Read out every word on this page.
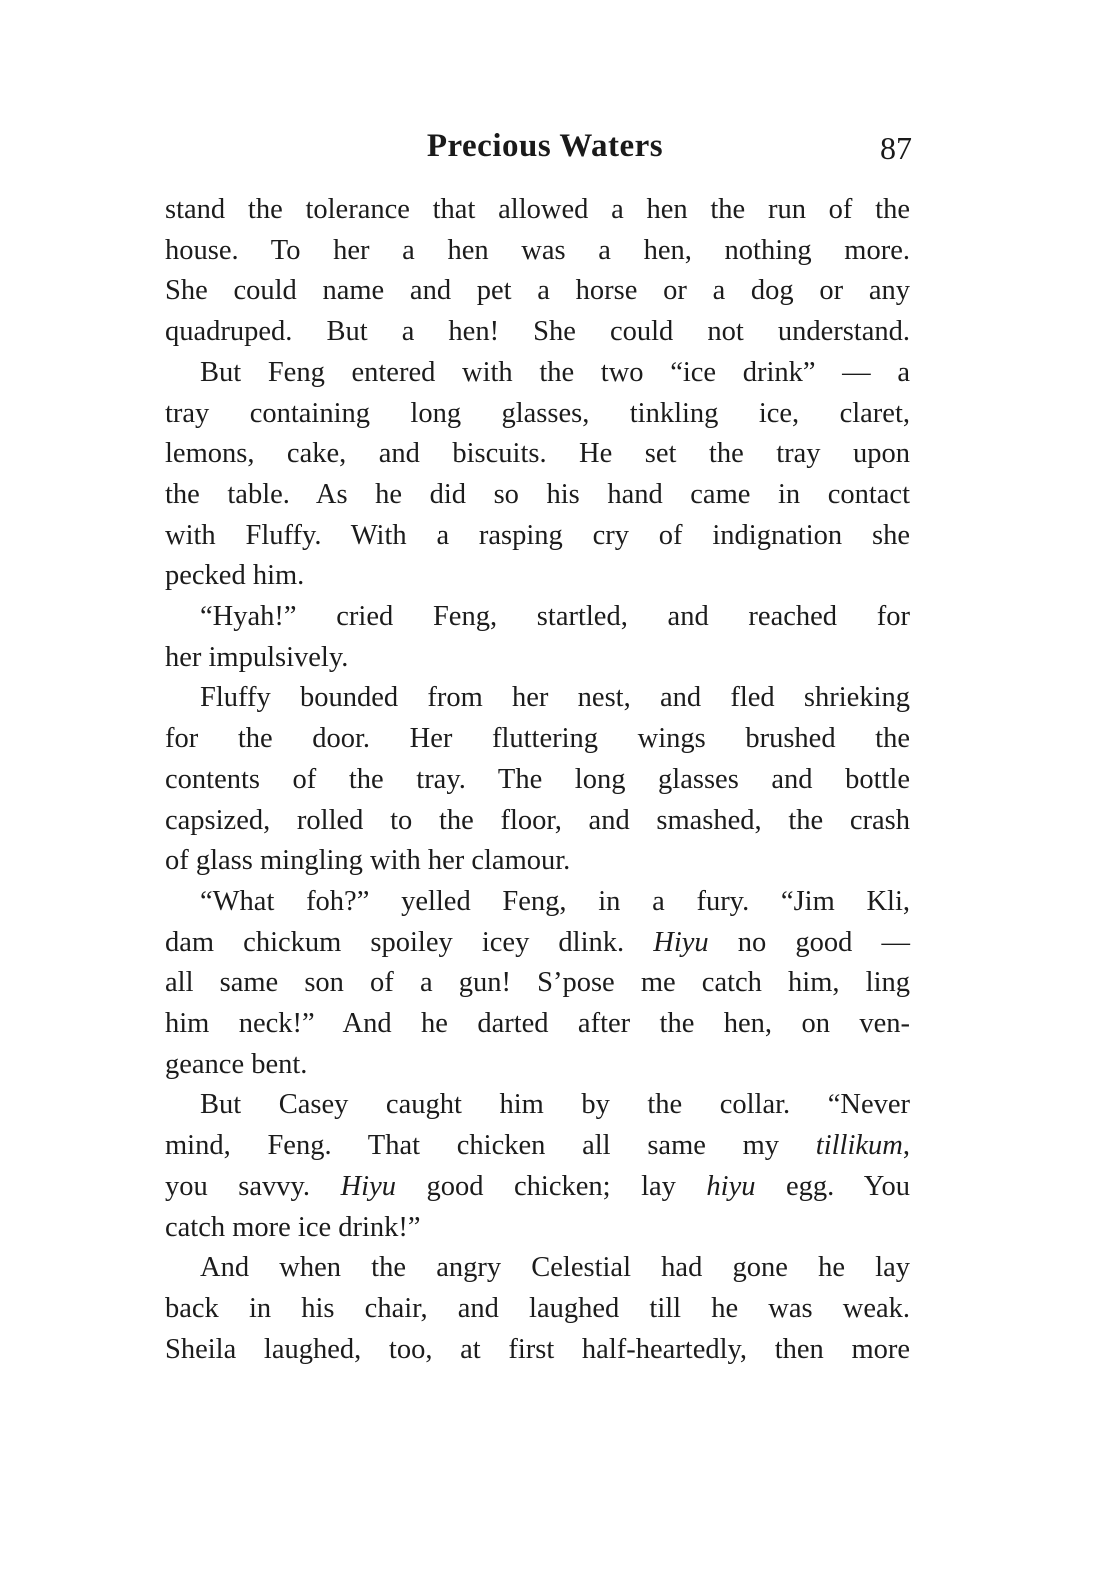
Precious Waters	87
stand the tolerance that allowed a hen the run of the
house. To her a hen was a hen, nothing more.
She could name and pet a horse or a dog or any
quadruped. But a hen! She could not understand.
But Feng entered with the two “ice drink” — a
tray containing long glasses, tinkling ice, claret,
lemons, cake, and biscuits. He set the tray upon
the table. As he did so his hand came in contact
with Fluffy. With a rasping cry of indignation she
pecked him.
“Hyah!” cried Feng, startled, and reached for
her impulsively.
Fluffy bounded from her nest, and fled shrieking
for the door. Her fluttering wings brushed the
contents of the tray. The long glasses and bottle
capsized, rolled to the floor, and smashed, the crash
of glass mingling with her clamour.
“What foh?” yelled Feng, in a fury. “Jim Kli,
dam chickum spoiley icey dlink. Hiyu no good —
all same son of a gun! S’pose me catch him, ling
him neck!” And he darted after the hen, on ven-
geance bent.
But Casey caught him by the collar. “Never
mind, Feng. That chicken all same my tillikum,
you savvy. Hiyu good chicken; lay hiyu egg. You
catch more ice drink!”
And when the angry Celestial had gone he lay
back in his chair, and laughed till he was weak.
Sheila laughed, too, at first half-heartedly, then more
